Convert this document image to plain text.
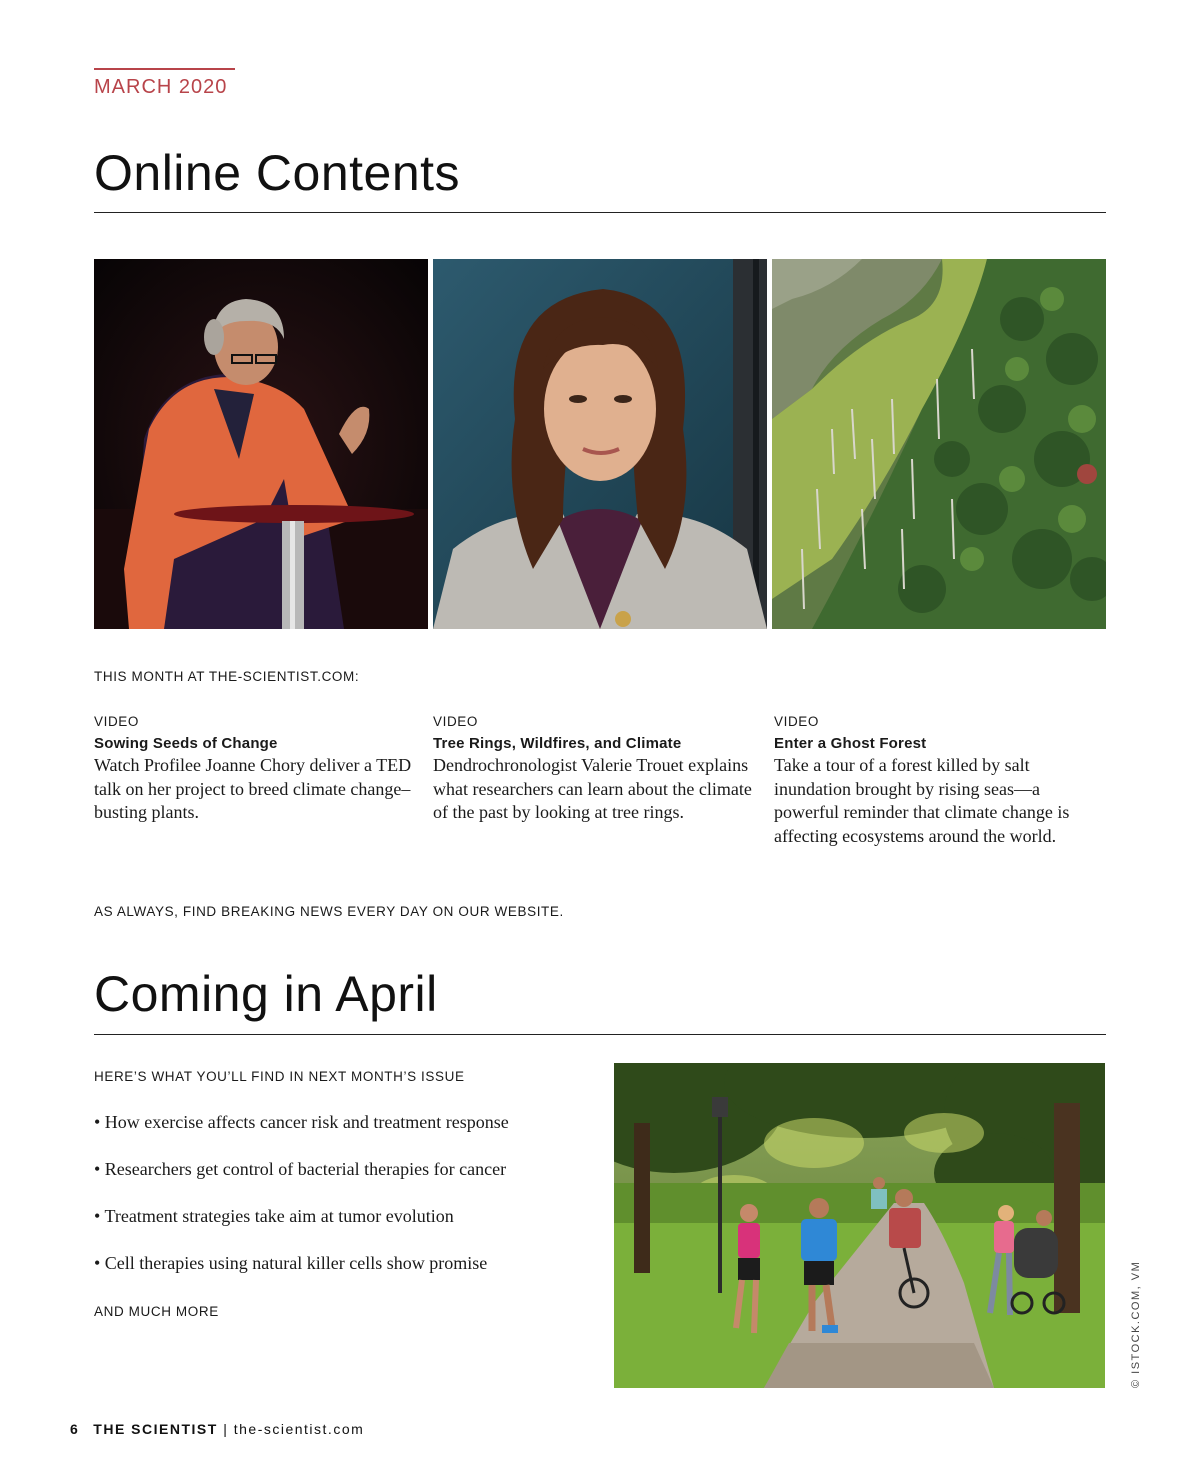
MARCH 2020
Online Contents
THIS MONTH AT THE-SCIENTIST.COM:
VIDEO
Sowing Seeds of Change
Watch Profilee Joanne Chory deliver a TED talk on her project to breed climate change–busting plants.
VIDEO
Tree Rings, Wildfires, and Climate
Dendrochronologist Valerie Trouet explains what researchers can learn about the climate of the past by looking at tree rings.
VIDEO
Enter a Ghost Forest
Take a tour of a forest killed by salt inundation brought by rising seas—a powerful reminder that climate change is affecting ecosystems around the world.
AS ALWAYS, FIND BREAKING NEWS EVERY DAY ON OUR WEBSITE.
Coming in April
HERE’S WHAT YOU’LL FIND IN NEXT MONTH’S ISSUE
• How exercise affects cancer risk and treatment response
• Researchers get control of bacterial therapies for cancer
• Treatment strategies take aim at tumor evolution
• Cell therapies using natural killer cells show promise
AND MUCH MORE	© ISTOCK.COM, VM
6 THE SCIENTIST | the-scientist.com
